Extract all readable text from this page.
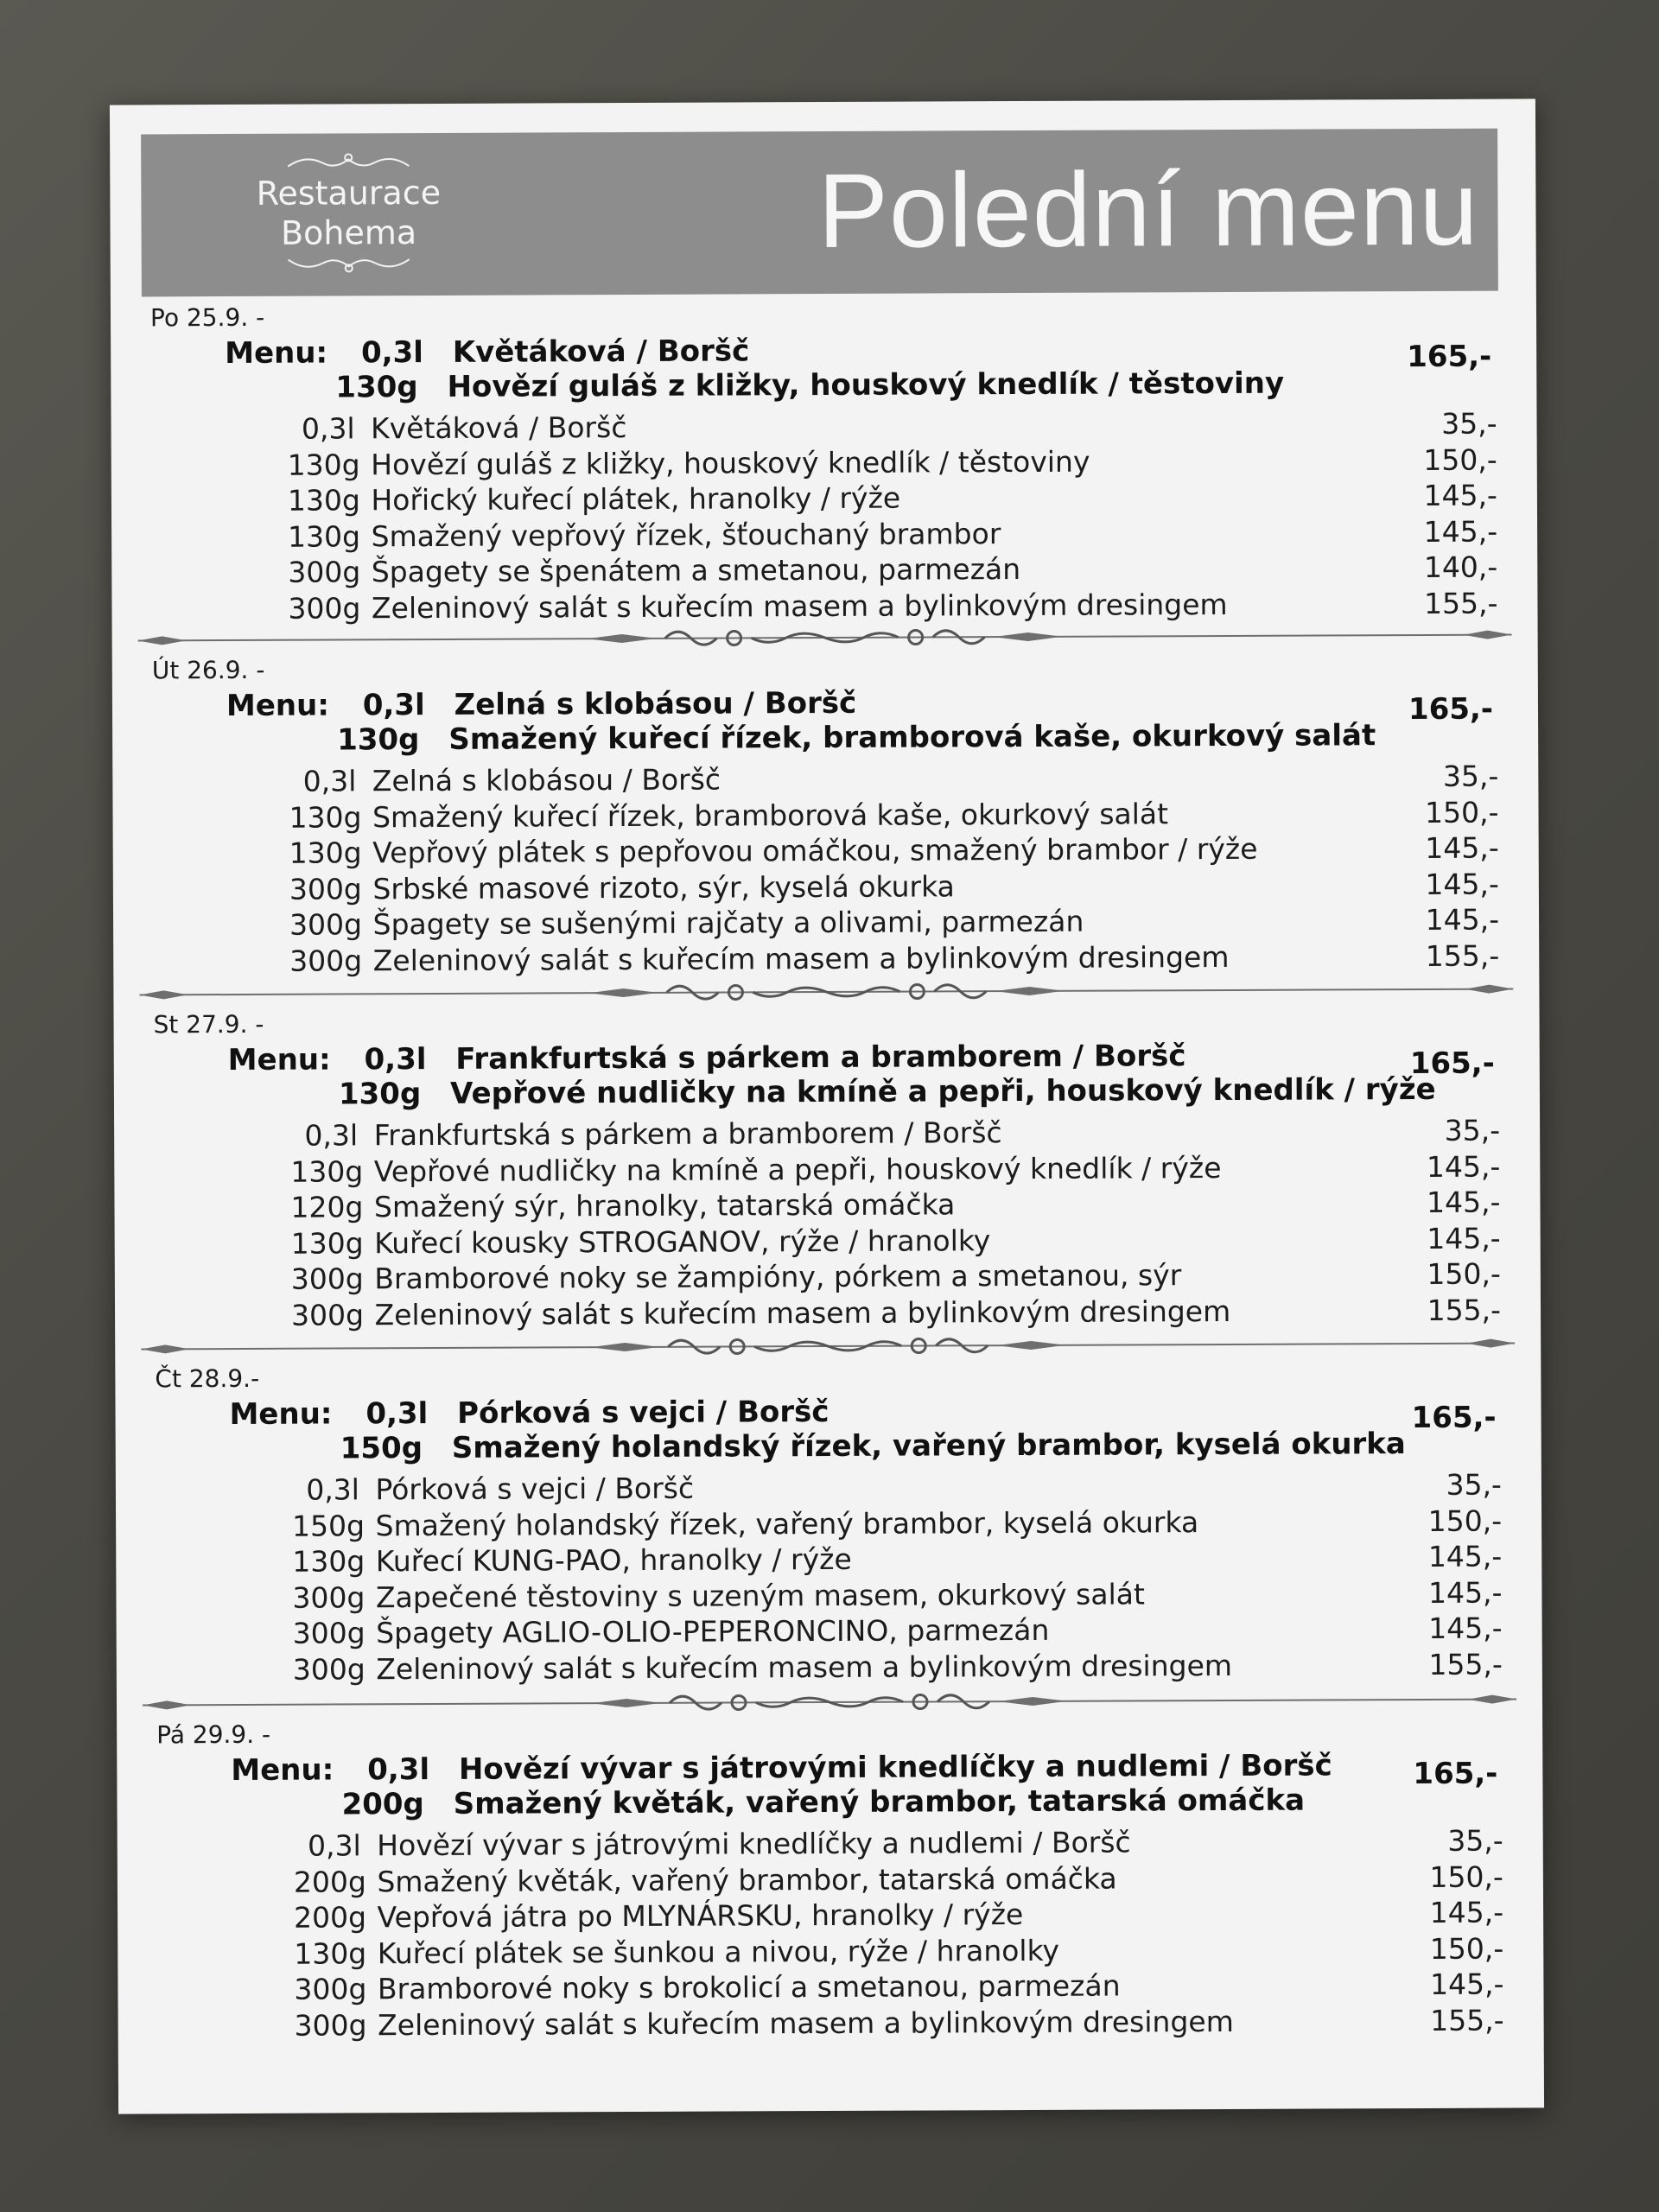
Restaurace
Bohema	Polední menu
Po 25.9. -
Menu: 0,3l Květáková / Boršč
130g Hovězí guláš z kližky, houskový knedlík / těstoviny
165,-
0,3l Květáková / Boršč	35,-
130g Hovězí guláš z kližky, houskový knedlík / těstoviny	150,-
130g Hořický kuřecí plátek, hranolky / rýže	145,-
130g Smažený vepřový řízek, šťouchaný brambor	145,-
300g Špagety se špenátem a smetanou, parmezán	140,-
300g Zeleninový salát s kuřecím masem a bylinkovým dresingem	155,-
Út 26.9. -
Menu: 0,3l Zelná s klobásou / Boršč
130g Smažený kuřecí řízek, bramborová kaše, okurkový salát
165,-
0,3l Zelná s klobásou / Boršč	35,-
130g Smažený kuřecí řízek, bramborová kaše, okurkový salát	150,-
130g Vepřový plátek s pepřovou omáčkou, smažený brambor / rýže	145,-
300g Srbské masové rizoto, sýr, kyselá okurka	145,-
300g Špagety se sušenými rajčaty a olivami, parmezán	145,-
300g Zeleninový salát s kuřecím masem a bylinkovým dresingem	155,-
St 27.9. -
Menu: 0,3l Frankfurtská s párkem a bramborem / Boršč
130g Vepřové nudličky na kmíně a pepři, houskový knedlík / rýže
165,-
0,3l Frankfurtská s párkem a bramborem / Boršč	35,-
130g Vepřové nudličky na kmíně a pepři, houskový knedlík / rýže	145,-
120g Smažený sýr, hranolky, tatarská omáčka	145,-
130g Kuřecí kousky STROGANOV, rýže / hranolky	145,-
300g Bramborové noky se žampióny, pórkem a smetanou, sýr	150,-
300g Zeleninový salát s kuřecím masem a bylinkovým dresingem	155,-
Čt 28.9.-
Menu: 0,3l Pórková s vejci / Boršč
150g Smažený holandský řízek, vařený brambor, kyselá okurka
165,-
0,3l Pórková s vejci / Boršč	35,-
150g Smažený holandský řízek, vařený brambor, kyselá okurka	150,-
130g Kuřecí KUNG-PAO, hranolky / rýže	145,-
300g Zapečené těstoviny s uzeným masem, okurkový salát	145,-
300g Špagety AGLIO-OLIO-PEPERONCINO, parmezán	145,-
300g Zeleninový salát s kuřecím masem a bylinkovým dresingem	155,-
Pá 29.9. -
Menu: 0,3l Hovězí vývar s játrovými knedlíčky a nudlemi / Boršč
200g Smažený květák, vařený brambor, tatarská omáčka
165,-
0,3l Hovězí vývar s játrovými knedlíčky a nudlemi / Boršč	35,-
200g Smažený květák, vařený brambor, tatarská omáčka	150,-
200g Vepřová játra po MLYNÁRSKU, hranolky / rýže	145,-
130g Kuřecí plátek se šunkou a nivou, rýže / hranolky	150,-
300g Bramborové noky s brokolicí a smetanou, parmezán	145,-
300g Zeleninový salát s kuřecím masem a bylinkovým dresingem	155,-
